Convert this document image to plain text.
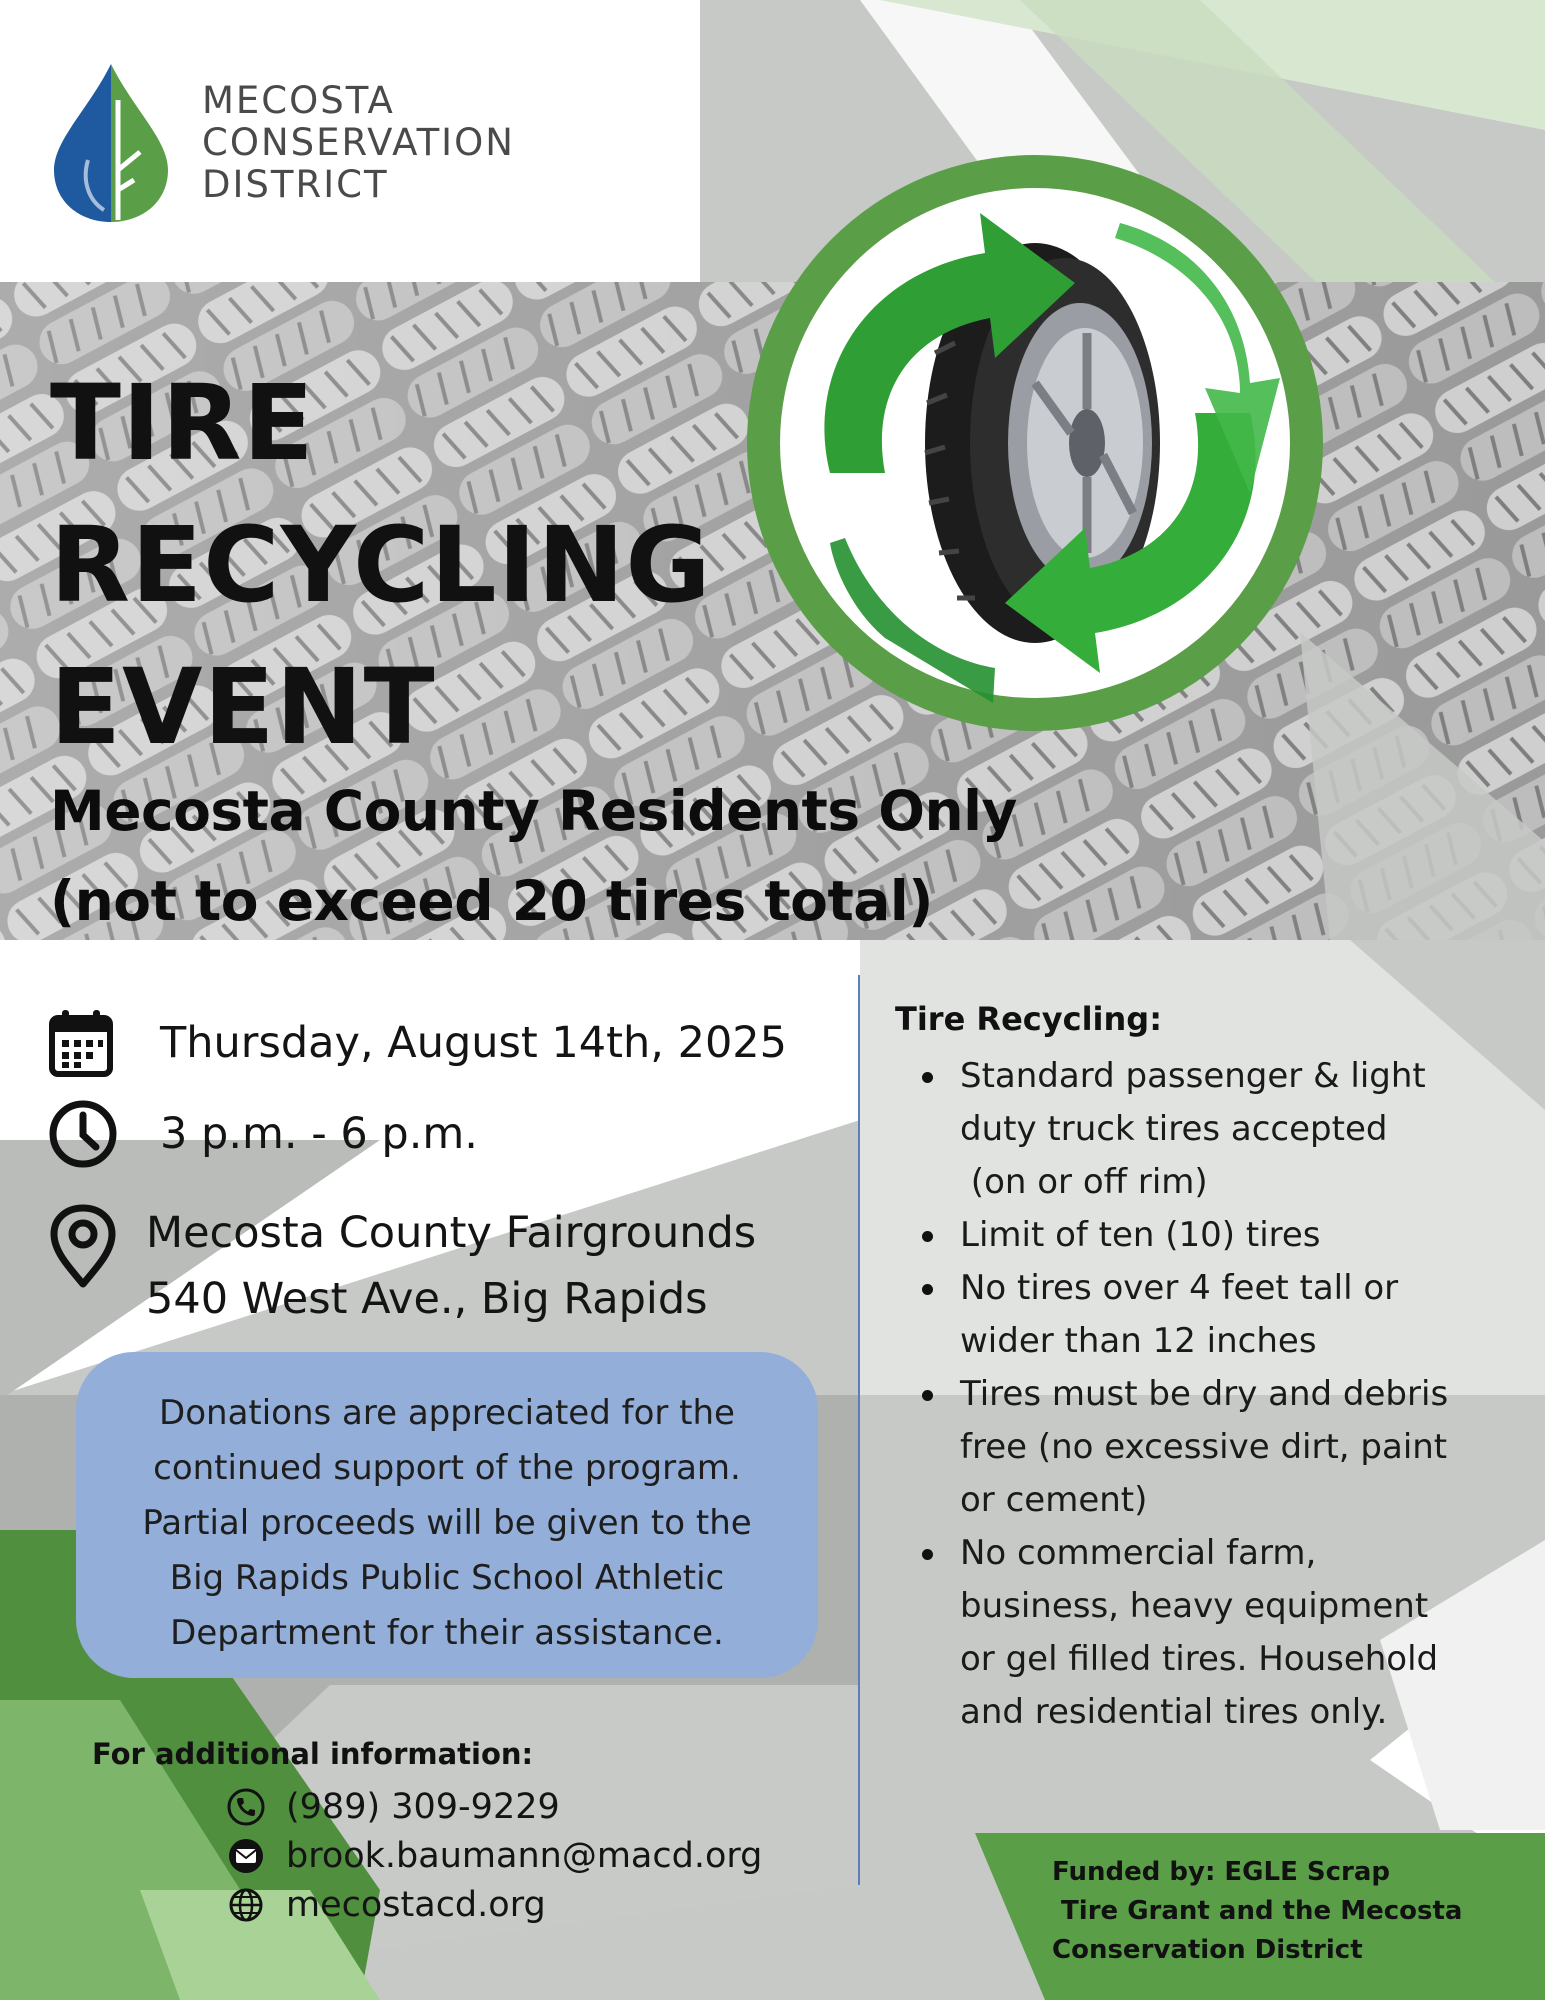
MECOSTA
CONSERVATION
DISTRICT
TIRE
RECYCLING
EVENT
Mecosta County Residents Only
(not to exceed 20 tires total)
Thursday, August 14th, 2025
3 p.m. - 6 p.m.
Mecosta County Fairgrounds
540 West Ave., Big Rapids
Donations are appreciated for the
continued support of the program.
Partial proceeds will be given to the
Big Rapids Public School Athletic
Department for their assistance.
For additional information:
(989) 309-9229
brook.baumann@macd.org
mecostacd.org
Tire Recycling:
Standard passenger & light
duty truck tires accepted
(on or off rim)
Limit of ten (10) tires
No tires over 4 feet tall or
wider than 12 inches
Tires must be dry and debris
free (no excessive dirt, paint
or cement)
No commercial farm,
business, heavy equipment
or gel filled tires. Household
and residential tires only.
Funded by: EGLE Scrap
Tire Grant and the Mecosta
Conservation District
